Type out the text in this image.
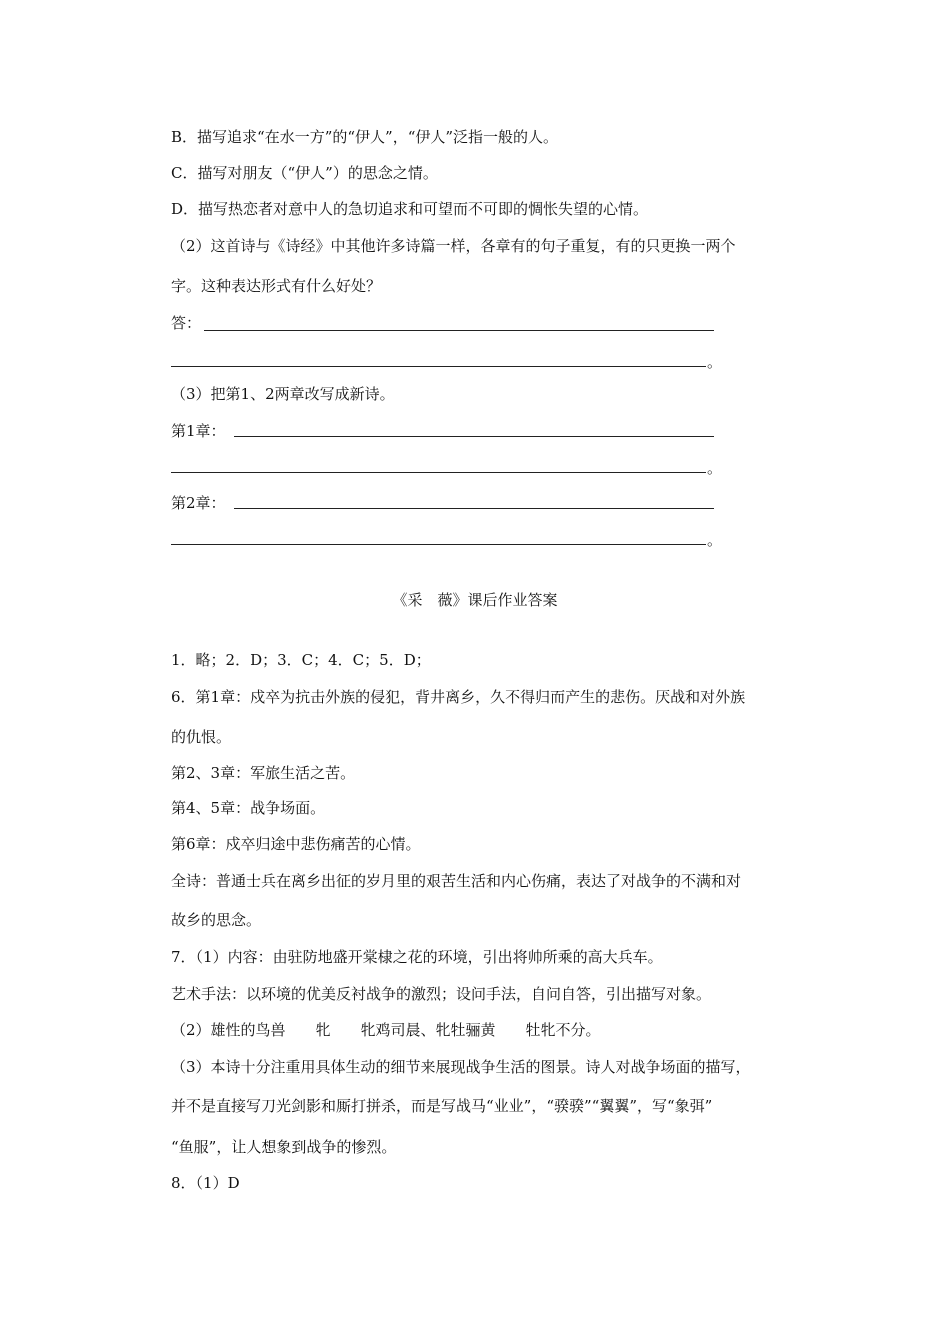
B．描写追求“在水一方”的“伊人”，“伊人”泛指一般的人。
C．描写对朋友（“伊人”）的思念之情。
D．描写热恋者对意中人的急切追求和可望而不可即的惆怅失望的心情。
（2）这首诗与《诗经》中其他许多诗篇一样，各章有的句子重复，有的只更换一两个
字。这种表达形式有什么好处？
答：
。
（3）把第1、2两章改写成新诗。
第1章：
。
第2章：
。
《采　薇》课后作业答案
1．略；2．D；3．C；4．C；5．D；
6．第1章：戍卒为抗击外族的侵犯，背井离乡，久不得归而产生的悲伤。厌战和对外族
的仇恨。
第2、3章：军旅生活之苦。
第4、5章：战争场面。
第6章：戍卒归途中悲伤痛苦的心情。
全诗：普通士兵在离乡出征的岁月里的艰苦生活和内心伤痛，表达了对战争的不满和对
故乡的思念。
7．（1）内容：由驻防地盛开棠棣之花的环境，引出将帅所乘的高大兵车。
艺术手法：以环境的优美反衬战争的激烈；设问手法，自问自答，引出描写对象。
（2）雄性的鸟兽　　牝　　牝鸡司晨、牝牡骊黄　　牡牝不分。
（3）本诗十分注重用具体生动的细节来展现战争生活的图景。诗人对战争场面的描写，
并不是直接写刀光剑影和厮打拼杀，而是写战马“业业”，“骙骙”“翼翼”，写“象弭”
“鱼服”，让人想象到战争的惨烈。
8．（1）D
